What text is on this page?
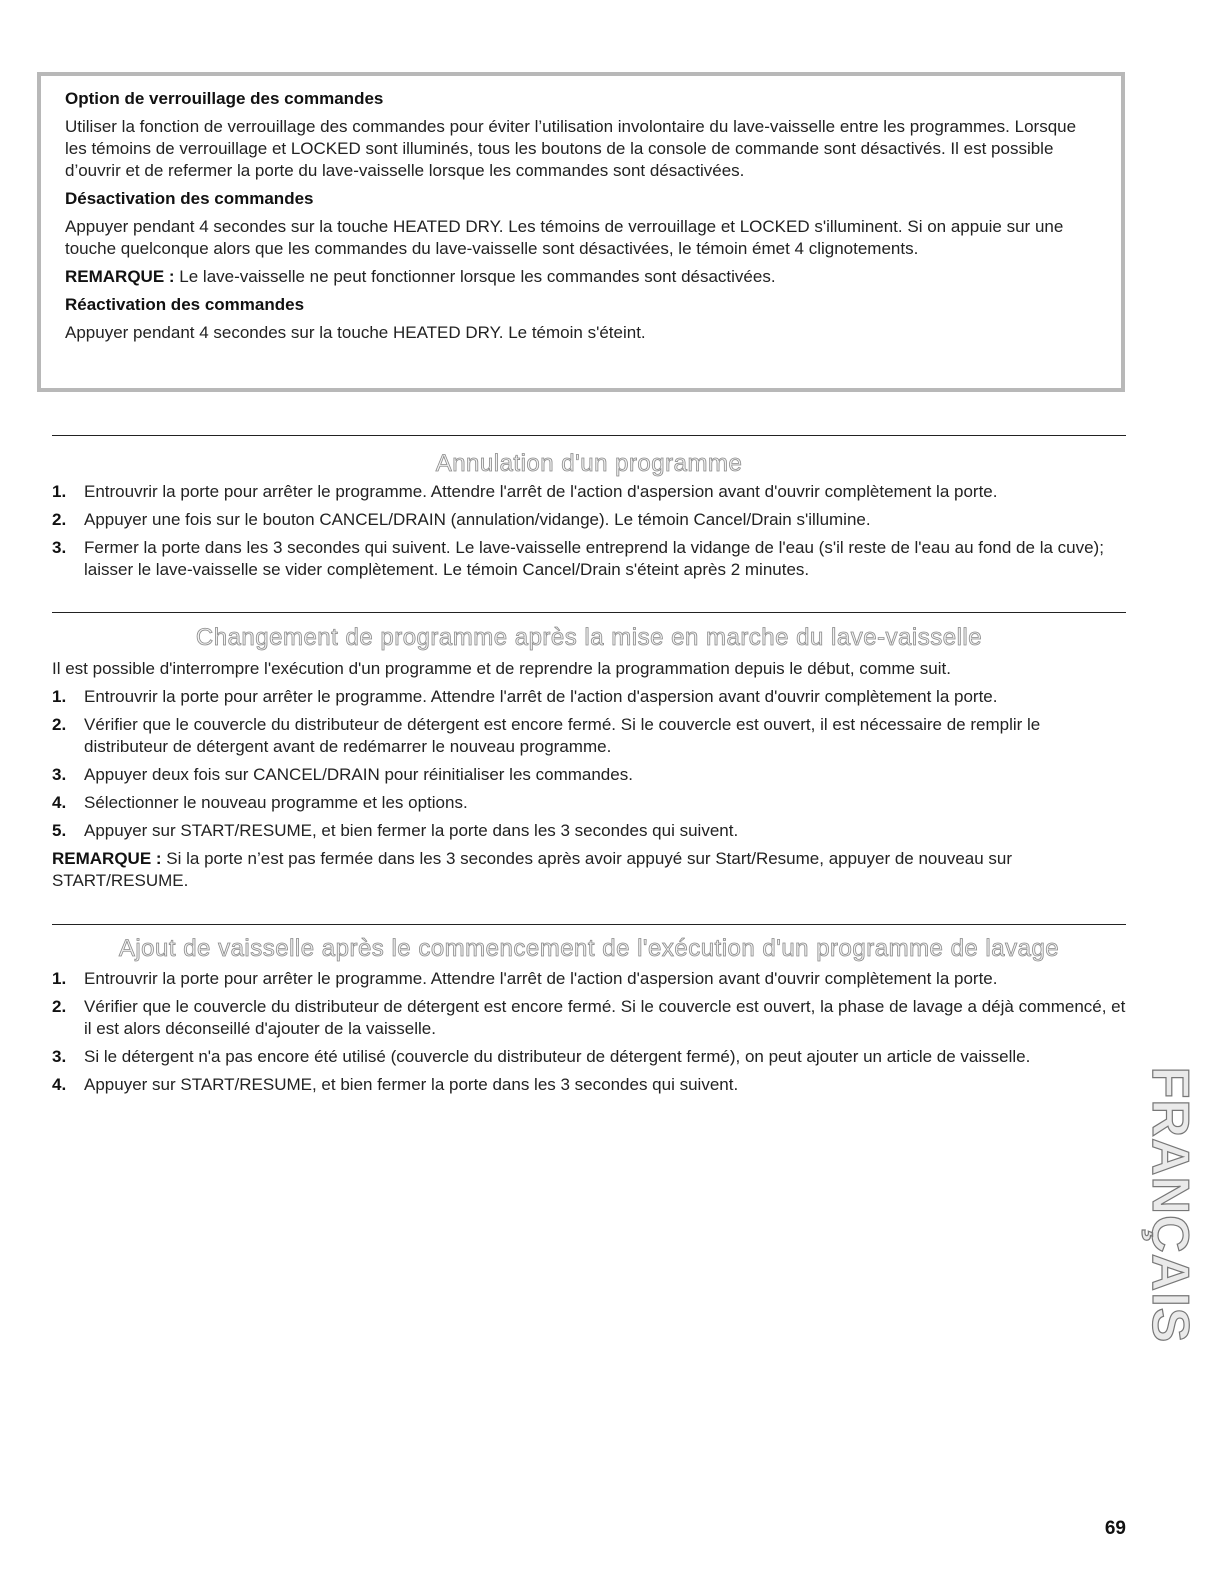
Option de verrouillage des commandes

Utiliser la fonction de verrouillage des commandes pour éviter l’utilisation involontaire du lave-vaisselle entre les programmes. Lorsque les témoins de verrouillage et LOCKED sont illuminés, tous les boutons de la console de commande sont désactivés. Il est possible d’ouvrir et de refermer la porte du lave-vaisselle lorsque les commandes sont désactivées.

Désactivation des commandes

Appuyer pendant 4 secondes sur la touche HEATED DRY. Les témoins de verrouillage et LOCKED s'illuminent. Si on appuie sur une touche quelconque alors que les commandes du lave-vaisselle sont désactivées, le témoin émet 4 clignotements.

REMARQUE : Le lave-vaisselle ne peut fonctionner lorsque les commandes sont désactivées.

Réactivation des commandes

Appuyer pendant 4 secondes sur la touche HEATED DRY. Le témoin s'éteint.

Annulation d'un programme
1. Entrouvrir la porte pour arrêter le programme. Attendre l'arrêt de l'action d'aspersion avant d'ouvrir complètement la porte.
2. Appuyer une fois sur le bouton CANCEL/DRAIN (annulation/vidange). Le témoin Cancel/Drain s'illumine.
3. Fermer la porte dans les 3 secondes qui suivent. Le lave-vaisselle entreprend la vidange de l'eau (s'il reste de l'eau au fond de la cuve); laisser le lave-vaisselle se vider complètement. Le témoin Cancel/Drain s'éteint après 2 minutes.
Changement de programme après la mise en marche du lave-vaisselle

Il est possible d'interrompre l'exécution d'un programme et de reprendre la programmation depuis le début, comme suit.

1. Entrouvrir la porte pour arrêter le programme. Attendre l'arrêt de l'action d'aspersion avant d'ouvrir complètement la porte.
2. Vérifier que le couvercle du distributeur de détergent est encore fermé. Si le couvercle est ouvert, il est nécessaire de remplir le distributeur de détergent avant de redémarrer le nouveau programme.
3. Appuyer deux fois sur CANCEL/DRAIN pour réinitialiser les commandes.
4. Sélectionner le nouveau programme et les options.
5. Appuyer sur START/RESUME, et bien fermer la porte dans les 3 secondes qui suivent.

REMARQUE : Si la porte n’est pas fermée dans les 3 secondes après avoir appuyé sur Start/Resume, appuyer de nouveau sur START/RESUME.

Ajout de vaisselle après le commencement de l'exécution d'un programme de lavage
1. Entrouvrir la porte pour arrêter le programme. Attendre l'arrêt de l'action d'aspersion avant d'ouvrir complètement la porte.
2. Vérifier que le couvercle du distributeur de détergent est encore fermé. Si le couvercle est ouvert, la phase de lavage a déjà commencé, et il est alors déconseillé d'ajouter de la vaisselle.
3. Si le détergent n'a pas encore été utilisé (couvercle du distributeur de détergent fermé), on peut ajouter un article de vaisselle.
4. Appuyer sur START/RESUME, et bien fermer la porte dans les 3 secondes qui suivent.	FRANÇAIS
69
